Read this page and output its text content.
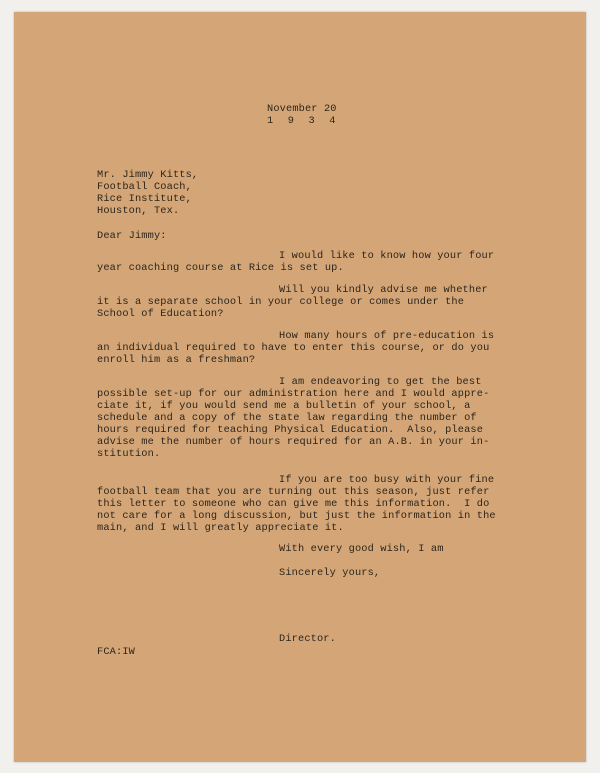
November 20

1 9 3 4

Mr. Jimmy Kitts,

Football Coach,

Rice Institute,

Houston, Tex.

Dear Jimmy:

I would like to know how your four

year coaching course at Rice is set up.

Will you kindly advise me whether

it is a separate school in your college or comes under the

School of Education?

How many hours of pre-education is

an individual required to have to enter this course, or do you

enroll him as a freshman?

I am endeavoring to get the best

possible set-up for our administration here and I would appre-

ciate it, if you would send me a bulletin of your school, a

schedule and a copy of the state law regarding the number of

hours required for teaching Physical Education.  Also, please

advise me the number of hours required for an A.B. in your in-

stitution.

If you are too busy with your fine

football team that you are turning out this season, just refer

this letter to someone who can give me this information.  I do

not care for a long discussion, but just the information in the

main, and I will greatly appreciate it.

With every good wish, I am

Sincerely yours,

Director.

FCA:IW
